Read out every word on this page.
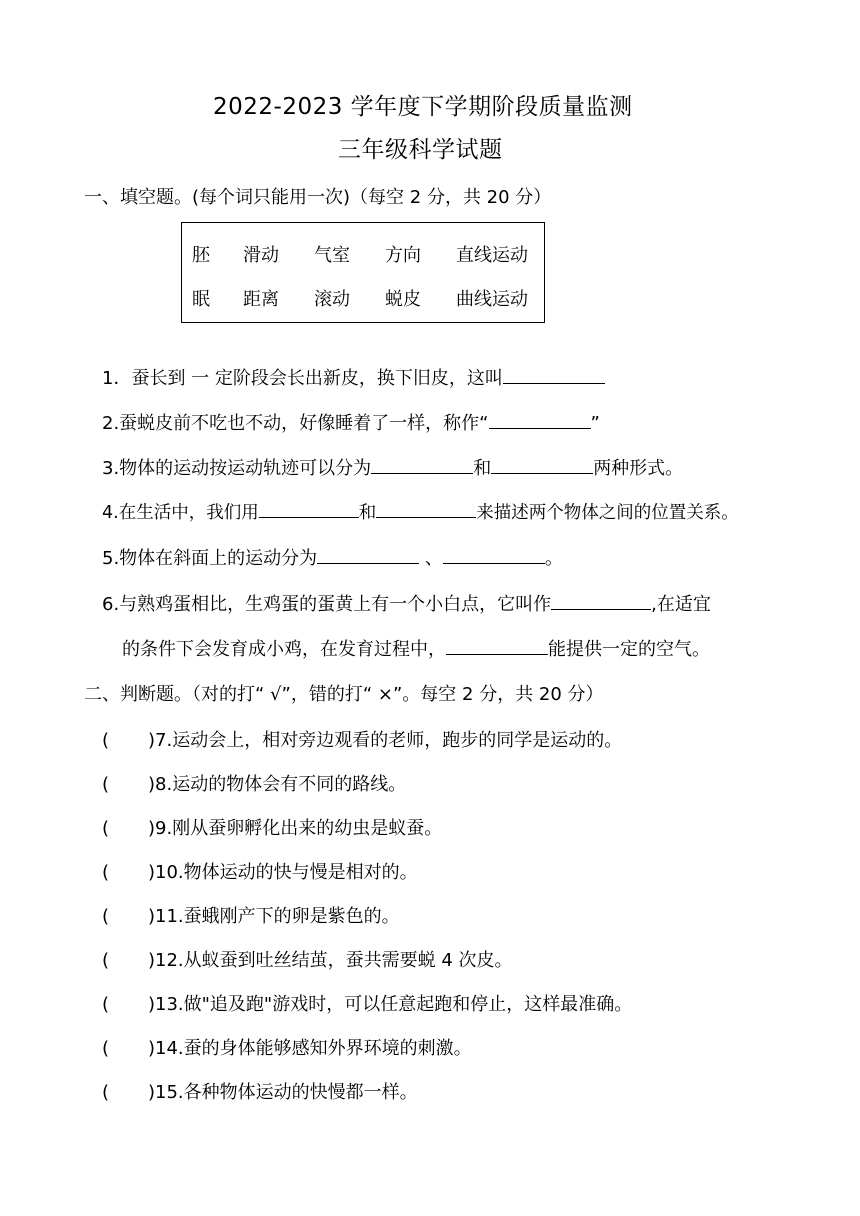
2022-2023 学年度下学期阶段质量监测
三年级科学试题
一、填空题。(每个词只能用一次)（每空 2 分，共 20 分）
胚 滑动 气室 方向 直线运动
眠 距离 滚动 蜕皮 曲线运动
1．蚕长到 一 定阶段会长出新皮，换下旧皮，这叫
2.蚕蜕皮前不吃也不动，好像睡着了一样，称作“	”
3.物体的运动按运动轨迹可以分为	和	两种形式。
4.在生活中，我们用	和	来描述两个物体之间的位置关系。
5.物体在斜面上的运动分为	、	。
6.与熟鸡蛋相比，生鸡蛋的蛋黄上有一个小白点，它叫作	,在适宜
的条件下会发育成小鸡，在发育过程中，	能提供一定的空气。
二、判断题。（对的打“ √”，错的打“ ×”。每空 2 分，共 20 分）
( )7.运动会上，相对旁边观看的老师，跑步的同学是运动的。
( )8.运动的物体会有不同的路线。
( )9.刚从蚕卵孵化出来的幼虫是蚁蚕。
( )10.物体运动的快与慢是相对的。
( )11.蚕蛾刚产下的卵是紫色的。
( )12.从蚁蚕到吐丝结茧，蚕共需要蜕 4 次皮。
( )13.做"追及跑"游戏时，可以任意起跑和停止，这样最准确。
( )14.蚕的身体能够感知外界环境的刺激。
( )15.各种物体运动的快慢都一样。
